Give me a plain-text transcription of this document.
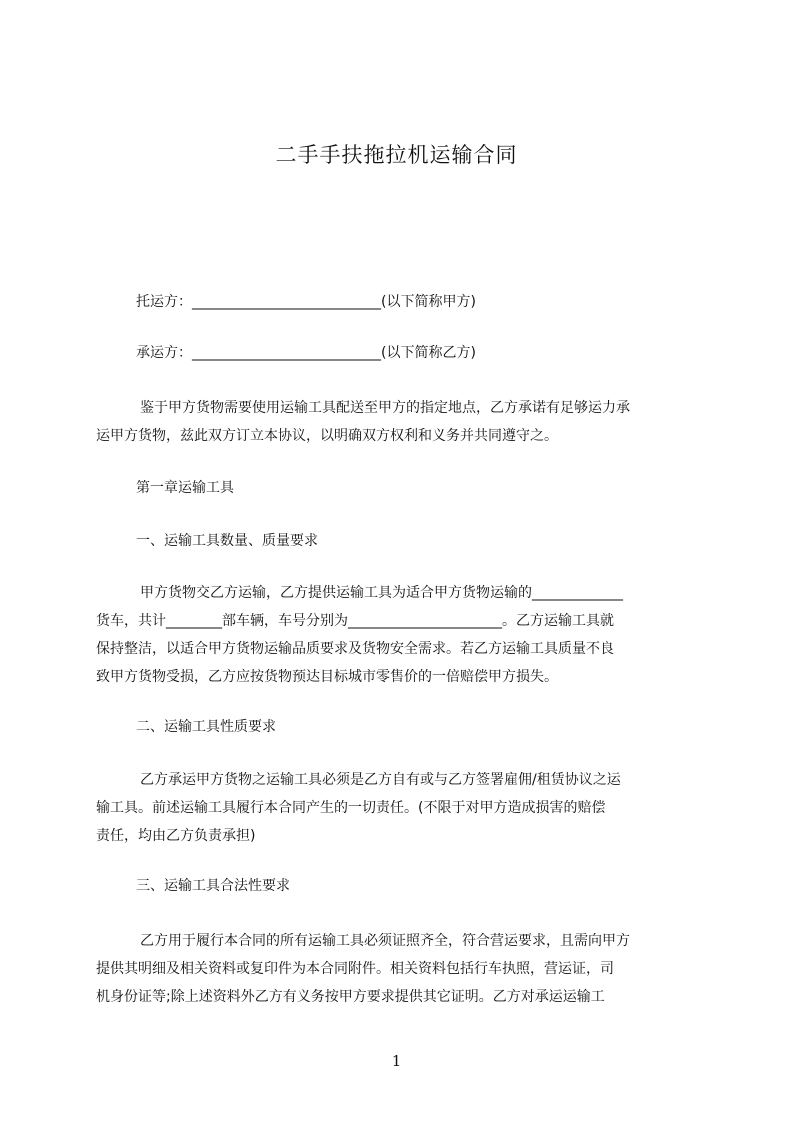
二手手扶拖拉机运输合同
托运方：___________________________(以下简称甲方)
承运方：___________________________(以下简称乙方)
鉴于甲方货物需要使用运输工具配送至甲方的指定地点，乙方承诺有足够运力承
运甲方货物，兹此双方订立本协议，以明确双方权利和义务并共同遵守之。
第一章运输工具
一、运输工具数量、质量要求
甲方货物交乙方运输，乙方提供运输工具为适合甲方货物运输的_____________
货车，共计________部车辆，车号分别为______________________。乙方运输工具就
保持整洁，以适合甲方货物运输品质要求及货物安全需求。若乙方运输工具质量不良
致甲方货物受损，乙方应按货物预达目标城市零售价的一倍赔偿甲方损失。
二、运输工具性质要求
乙方承运甲方货物之运输工具必须是乙方自有或与乙方签署雇佣/租赁协议之运
输工具。前述运输工具履行本合同产生的一切责任。(不限于对甲方造成损害的赔偿
责任，均由乙方负责承担)
三、运输工具合法性要求
乙方用于履行本合同的所有运输工具必须证照齐全，符合营运要求，且需向甲方
提供其明细及相关资料或复印件为本合同附件。相关资料包括行车执照，营运证，司
机身份证等;除上述资料外乙方有义务按甲方要求提供其它证明。乙方对承运运输工
1
